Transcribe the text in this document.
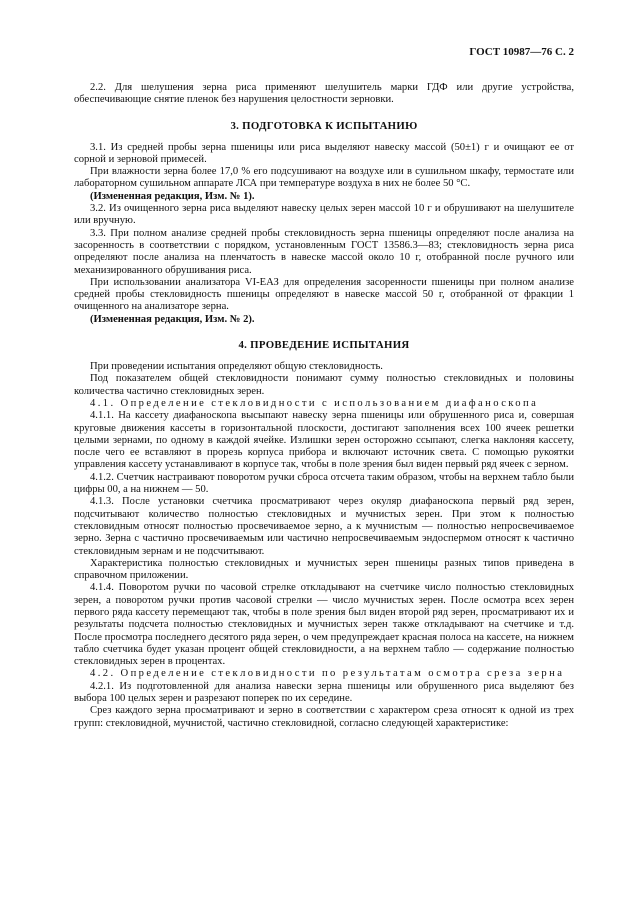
ГОСТ 10987—76 С. 2

2.2. Для шелушения зерна риса применяют шелушитель марки ГДФ или другие устройства, обеспечивающие снятие пленок без нарушения целостности зерновки.

3. ПОДГОТОВКА К ИСПЫТАНИЮ

3.1. Из средней пробы зерна пшеницы или риса выделяют навеску массой (50±1) г и очищают ее от сорной и зерновой примесей.

При влажности зерна более 17,0 % его подсушивают на воздухе или в сушильном шкафу, термостате или лабораторном сушильном аппарате ЛСА при температуре воздуха в них не более 50 °С.

(Измененная редакция, Изм. № 1).

3.2. Из очищенного зерна риса выделяют навеску целых зерен массой 10 г и обрушивают на шелушителе или вручную.

3.3. При полном анализе средней пробы стекловидность зерна пшеницы определяют после анализа на засоренность в соответствии с порядком, установленным ГОСТ 13586.3—83; стекловидность зерна риса определяют после анализа на пленчатость в навеске массой около 10 г, отобранной после ручного или механизированного обрушивания риса.

При использовании анализатора VI-ЕАЗ для определения засоренности пшеницы при полном анализе средней пробы стекловидность пшеницы определяют в навеске массой 50 г, отобранной от фракции 1 очищенного на анализаторе зерна.

(Измененная редакция, Изм. № 2).

4. ПРОВЕДЕНИЕ ИСПЫТАНИЯ

При проведении испытания определяют общую стекловидность.

Под показателем общей стекловидности понимают сумму полностью стекловидных и половины количества частично стекловидных зерен.

4.1. Определение стекловидности с использованием диафаноскопа

4.1.1. На кассету диафаноскопа высыпают навеску зерна пшеницы или обрушенного риса и, совершая круговые движения кассеты в горизонтальной плоскости, достигают заполнения всех 100 ячеек решетки целыми зернами, по одному в каждой ячейке. Излишки зерен осторожно ссыпают, слегка наклоняя кассету, после чего ее вставляют в прорезь корпуса прибора и включают источник света. С помощью рукоятки управления кассету устанавливают в корпусе так, чтобы в поле зрения был виден первый ряд ячеек с зерном.

4.1.2. Счетчик настраивают поворотом ручки сброса отсчета таким образом, чтобы на верхнем табло были цифры 00, а на нижнем — 50.

4.1.3. После установки счетчика просматривают через окуляр диафаноскопа первый ряд зерен, подсчитывают количество полностью стекловидных и мучнистых зерен. При этом к полностью стекловидным относят полностью просвечиваемое зерно, а к мучнистым — полностью непросвечиваемое зерно. Зерна с частично просвечиваемым или частично непросвечиваемым эндоспермом относят к частично стекловидным зернам и не подсчитывают.

Характеристика полностью стекловидных и мучнистых зерен пшеницы разных типов приведена в справочном приложении.

4.1.4. Поворотом ручки по часовой стрелке откладывают на счетчике число полностью стекловидных зерен, а поворотом ручки против часовой стрелки — число мучнистых зерен. После осмотра всех зерен первого ряда кассету перемещают так, чтобы в поле зрения был виден второй ряд зерен, просматривают их и результаты подсчета полностью стекловидных и мучнистых зерен также откладывают на счетчике и т.д. После просмотра последнего десятого ряда зерен, о чем предупреждает красная полоса на кассете, на нижнем табло счетчика будет указан процент общей стекловидности, а на верхнем табло — содержание полностью стекловидных зерен в процентах.

4.2. Определение стекловидности по результатам осмотра среза зерна

4.2.1. Из подготовленной для анализа навески зерна пшеницы или обрушенного риса выделяют без выбора 100 целых зерен и разрезают поперек по их середине.

Срез каждого зерна просматривают и зерно в соответствии с характером среза относят к одной из трех групп: стекловидной, мучнистой, частично стекловидной, согласно следующей характеристике:
